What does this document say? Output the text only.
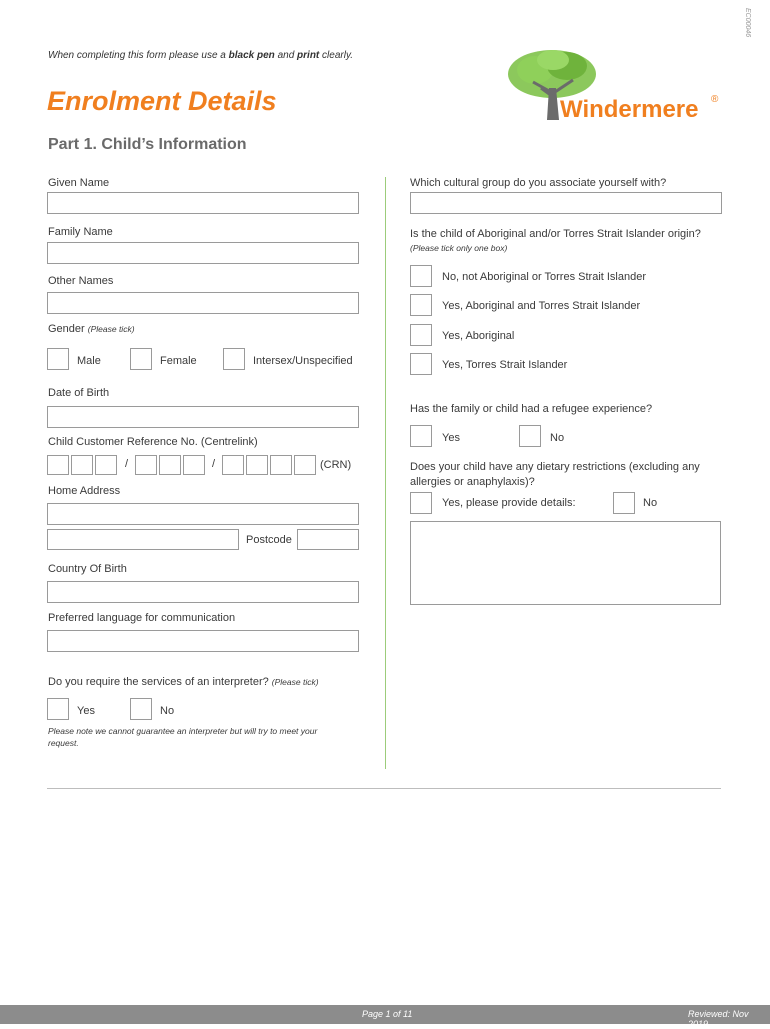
EC00046
When completing this form please use a black pen and print clearly.
Enrolment Details
Part 1. Child’s Information
Windermere ®
Given Name
Family Name
Other Names
Gender (Please tick)
Male	Female	Intersex/Unspecified
Date of Birth
Child Customer Reference No. (Centrelink)
/	/	(CRN)
Home Address
Postcode
Country Of Birth
Preferred language for communication
Do you require the services of an interpreter? (Please tick)
Yes	No
Please note we cannot guarantee an interpreter but will try to meet your request.
Which cultural group do you associate yourself with?
Is the child of Aboriginal and/or Torres Strait Islander origin?
(Please tick only one box)
No, not Aboriginal or Torres Strait Islander
Yes, Aboriginal and Torres Strait Islander
Yes, Aboriginal
Yes, Torres Strait Islander
Has the family or child had a refugee experience?
Yes	No
Does your child have any dietary restrictions (excluding any allergies or anaphylaxis)?
Yes, please provide details:	No
Page 1 of 11	Reviewed: Nov 2019
